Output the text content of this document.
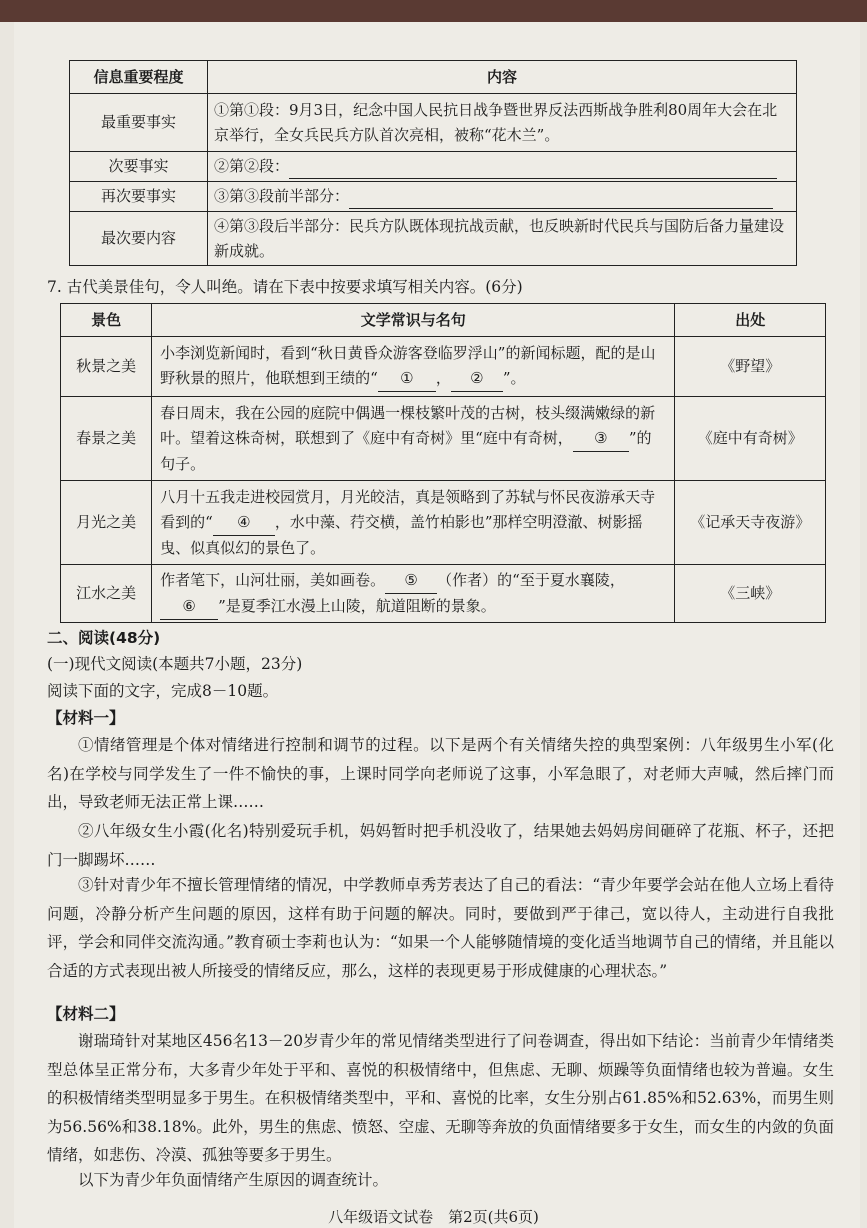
信息重要程度	内容
最重要事实	①第①段：9月3日，纪念中国人民抗日战争暨世界反法西斯战争胜利80周年大会在北京举行，全女兵民兵方队首次亮相，被称“花木兰”。
次要事实	②第②段：
再次要事实	③第③段前半部分：
最次要内容	④第③段后半部分：民兵方队既体现抗战贡献，也反映新时代民兵与国防后备力量建设新成就。
7. 古代美景佳句，令人叫绝。请在下表中按要求填写相关内容。(6分)
景色	文学常识与名句	出处
秋景之美	小李浏览新闻时，看到“秋日黄昏众游客登临罗浮山”的新闻标题，配的是山野秋景的照片，他联想到王绩的“ ① ， ② ”。	《野望》
春景之美	春日周末，我在公园的庭院中偶遇一棵枝繁叶茂的古树，枝头缀满嫩绿的新叶。望着这株奇树，联想到了《庭中有奇树》里“庭中有奇树， ③ ”的句子。	《庭中有奇树》
月光之美	八月十五我走进校园赏月，月光皎洁，真是领略到了苏轼与怀民夜游承天寺看到的“ ④ ，水中藻、荇交横，盖竹柏影也”那样空明澄澈、树影摇曳、似真似幻的景色了。	《记承天寺夜游》
江水之美	作者笔下，山河壮丽，美如画卷。 ⑤ （作者）的“至于夏水襄陵，⑥ ”是夏季江水漫上山陵，航道阻断的景象。	《三峡》
二、阅读(48分)
(一)现代文阅读(本题共7小题，23分)
阅读下面的文字，完成8－10题。
【材料一】
①情绪管理是个体对情绪进行控制和调节的过程。以下是两个有关情绪失控的典型案例：八年级男生小军(化名)在学校与同学发生了一件不愉快的事，上课时同学向老师说了这事，小军急眼了，对老师大声喊，然后摔门而出，导致老师无法正常上课……
②八年级女生小霞(化名)特别爱玩手机，妈妈暂时把手机没收了，结果她去妈妈房间砸碎了花瓶、杯子，还把门一脚踢坏……
③针对青少年不擅长管理情绪的情况，中学教师卓秀芳表达了自己的看法：“青少年要学会站在他人立场上看待问题，冷静分析产生问题的原因，这样有助于问题的解决。同时，要做到严于律己，宽以待人，主动进行自我批评，学会和同伴交流沟通。”教育硕士李莉也认为：“如果一个人能够随情境的变化适当地调节自己的情绪，并且能以合适的方式表现出被人所接受的情绪反应，那么，这样的表现更易于形成健康的心理状态。”
【材料二】
谢瑞琦针对某地区456名13－20岁青少年的常见情绪类型进行了问卷调查，得出如下结论：当前青少年情绪类型总体呈正常分布，大多青少年处于平和、喜悦的积极情绪中，但焦虑、无聊、烦躁等负面情绪也较为普遍。女生的积极情绪类型明显多于男生。在积极情绪类型中，平和、喜悦的比率，女生分别占61.85%和52.63%，而男生则为56.56%和38.18%。此外，男生的焦虑、愤怒、空虚、无聊等奔放的负面情绪要多于女生，而女生的内敛的负面情绪，如悲伤、冷漠、孤独等要多于男生。
以下为青少年负面情绪产生原因的调查统计。
八年级语文试卷　第2页(共6页)
